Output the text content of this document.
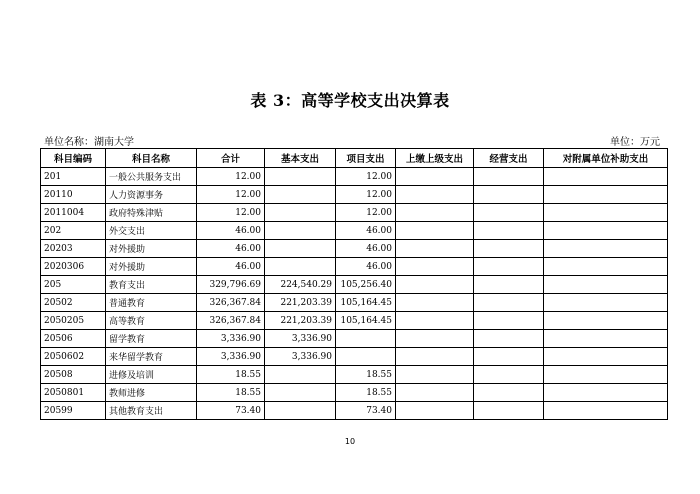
表 3：高等学校支出决算表
单位名称：湖南大学	单位：万元
科目编码	科目名称	合计	基本支出	项目支出	上缴上级支出	经营支出	对附属单位补助支出
201	一般公共服务支出	12.00		12.00			
20110	人力资源事务	12.00		12.00			
2011004	政府特殊津贴	12.00		12.00			
202	外交支出	46.00		46.00			
20203	对外援助	46.00		46.00			
2020306	对外援助	46.00		46.00			
205	教育支出	329,796.69	224,540.29	105,256.40			
20502	普通教育	326,367.84	221,203.39	105,164.45			
2050205	高等教育	326,367.84	221,203.39	105,164.45			
20506	留学教育	3,336.90	3,336.90				
2050602	来华留学教育	3,336.90	3,336.90				
20508	进修及培训	18.55		18.55			
2050801	教师进修	18.55		18.55			
20599	其他教育支出	73.40		73.40			
10
